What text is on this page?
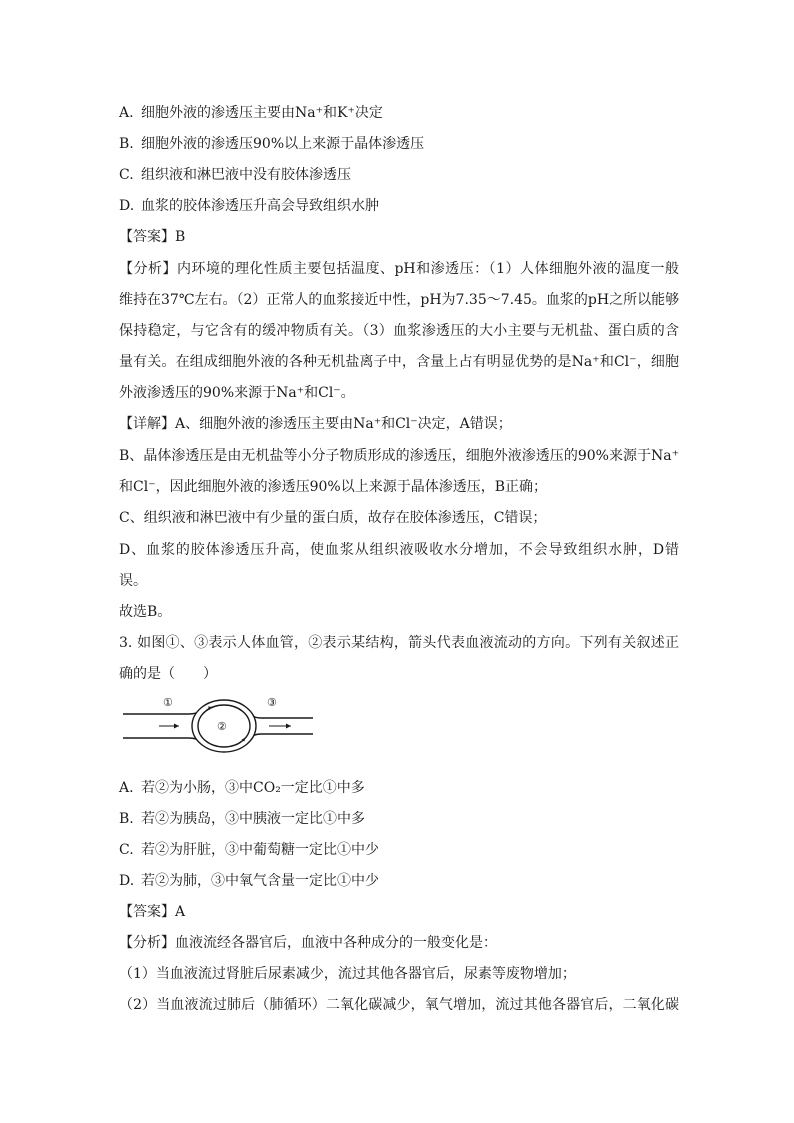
A. 细胞外液的渗透压主要由Na⁺和K⁺决定
B. 细胞外液的渗透压90%以上来源于晶体渗透压
C. 组织液和淋巴液中没有胶体渗透压
D. 血浆的胶体渗透压升高会导致组织水肿
【答案】B
【分析】内环境的理化性质主要包括温度、pH和渗透压：（1）人体细胞外液的温度一般
维持在37℃左右。（2）正常人的血浆接近中性，pH为7.35～7.45。血浆的pH之所以能够
保持稳定，与它含有的缓冲物质有关。（3）血浆渗透压的大小主要与无机盐、蛋白质的含
量有关。在组成细胞外液的各种无机盐离子中，含量上占有明显优势的是Na⁺和Cl⁻，细胞
外液渗透压的90%来源于Na⁺和Cl⁻。
【详解】A、细胞外液的渗透压主要由Na⁺和Cl⁻决定，A错误；
B、晶体渗透压是由无机盐等小分子物质形成的渗透压，细胞外液渗透压的90%来源于Na⁺
和Cl⁻，因此细胞外液的渗透压90%以上来源于晶体渗透压，B正确；
C、组织液和淋巴液中有少量的蛋白质，故存在胶体渗透压，C错误；
D、血浆的胶体渗透压升高，使血浆从组织液吸收水分增加，不会导致组织水肿，D错
误。
故选B。
3. 如图①、③表示人体血管，②表示某结构，箭头代表血液流动的方向。下列有关叙述正
确的是（　　）
①
②
③
A. 若②为小肠，③中CO₂一定比①中多
B. 若②为胰岛，③中胰液一定比①中多
C. 若②为肝脏，③中葡萄糖一定比①中少
D. 若②为肺，③中氧气含量一定比①中少
【答案】A
【分析】血液流经各器官后，血液中各种成分的一般变化是：
（1）当血液流过肾脏后尿素减少，流过其他各器官后，尿素等废物增加；
（2）当血液流过肺后（肺循环）二氧化碳减少，氧气增加，流过其他各器官后，二氧化碳
